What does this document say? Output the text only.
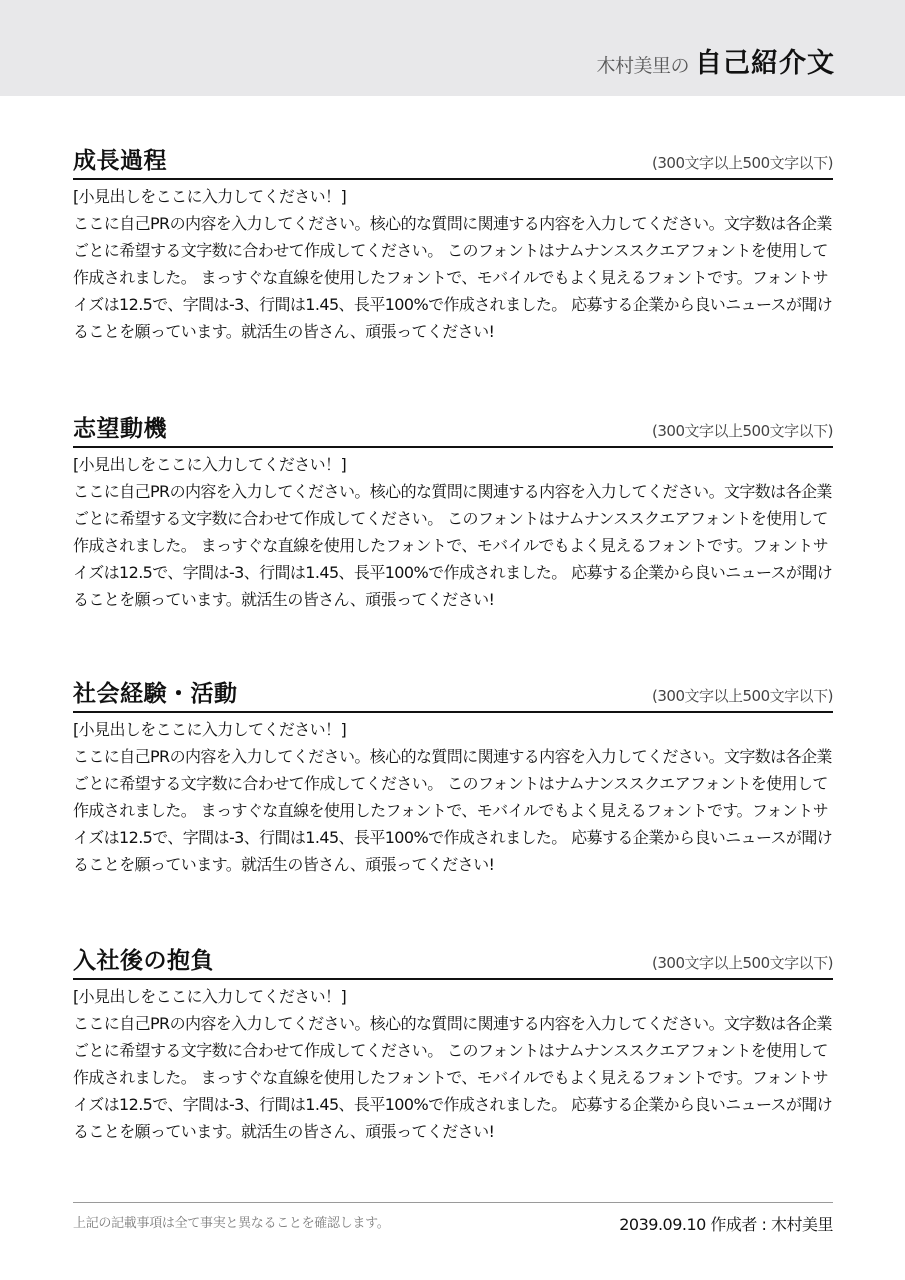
木村美里の 自己紹介文
成長過程	(300文字以上500文字以下)
[小見出しをここに入力してください！]
ここに自己PRの内容を入力してください。核心的な質問に関連する内容を入力してください。文字数は各企業ごとに希望する文字数に合わせて作成してください。 このフォントはナムナンススクエアフォントを使用して作成されました。 まっすぐな直線を使用したフォントで、モバイルでもよく見えるフォントです。フォントサイズは12.5で、字間は-3、行間は1.45、長平100%で作成されました。 応募する企業から良いニュースが聞けることを願っています。就活生の皆さん、頑張ってください!
志望動機	(300文字以上500文字以下)
[小見出しをここに入力してください！]
ここに自己PRの内容を入力してください。核心的な質問に関連する内容を入力してください。文字数は各企業ごとに希望する文字数に合わせて作成してください。 このフォントはナムナンススクエアフォントを使用して作成されました。 まっすぐな直線を使用したフォントで、モバイルでもよく見えるフォントです。フォントサイズは12.5で、字間は-3、行間は1.45、長平100%で作成されました。 応募する企業から良いニュースが聞けることを願っています。就活生の皆さん、頑張ってください!
社会経験・活動	(300文字以上500文字以下)
[小見出しをここに入力してください！]
ここに自己PRの内容を入力してください。核心的な質問に関連する内容を入力してください。文字数は各企業ごとに希望する文字数に合わせて作成してください。 このフォントはナムナンススクエアフォントを使用して作成されました。 まっすぐな直線を使用したフォントで、モバイルでもよく見えるフォントです。フォントサイズは12.5で、字間は-3、行間は1.45、長平100%で作成されました。 応募する企業から良いニュースが聞けることを願っています。就活生の皆さん、頑張ってください!
入社後の抱負	(300文字以上500文字以下)
[小見出しをここに入力してください！]
ここに自己PRの内容を入力してください。核心的な質問に関連する内容を入力してください。文字数は各企業ごとに希望する文字数に合わせて作成してください。 このフォントはナムナンススクエアフォントを使用して作成されました。 まっすぐな直線を使用したフォントで、モバイルでもよく見えるフォントです。フォントサイズは12.5で、字間は-3、行間は1.45、長平100%で作成されました。 応募する企業から良いニュースが聞けることを願っています。就活生の皆さん、頑張ってください!
上記の記載事項は全て事実と異なることを確認します。	2039.09.10 作成者 : 木村美里
